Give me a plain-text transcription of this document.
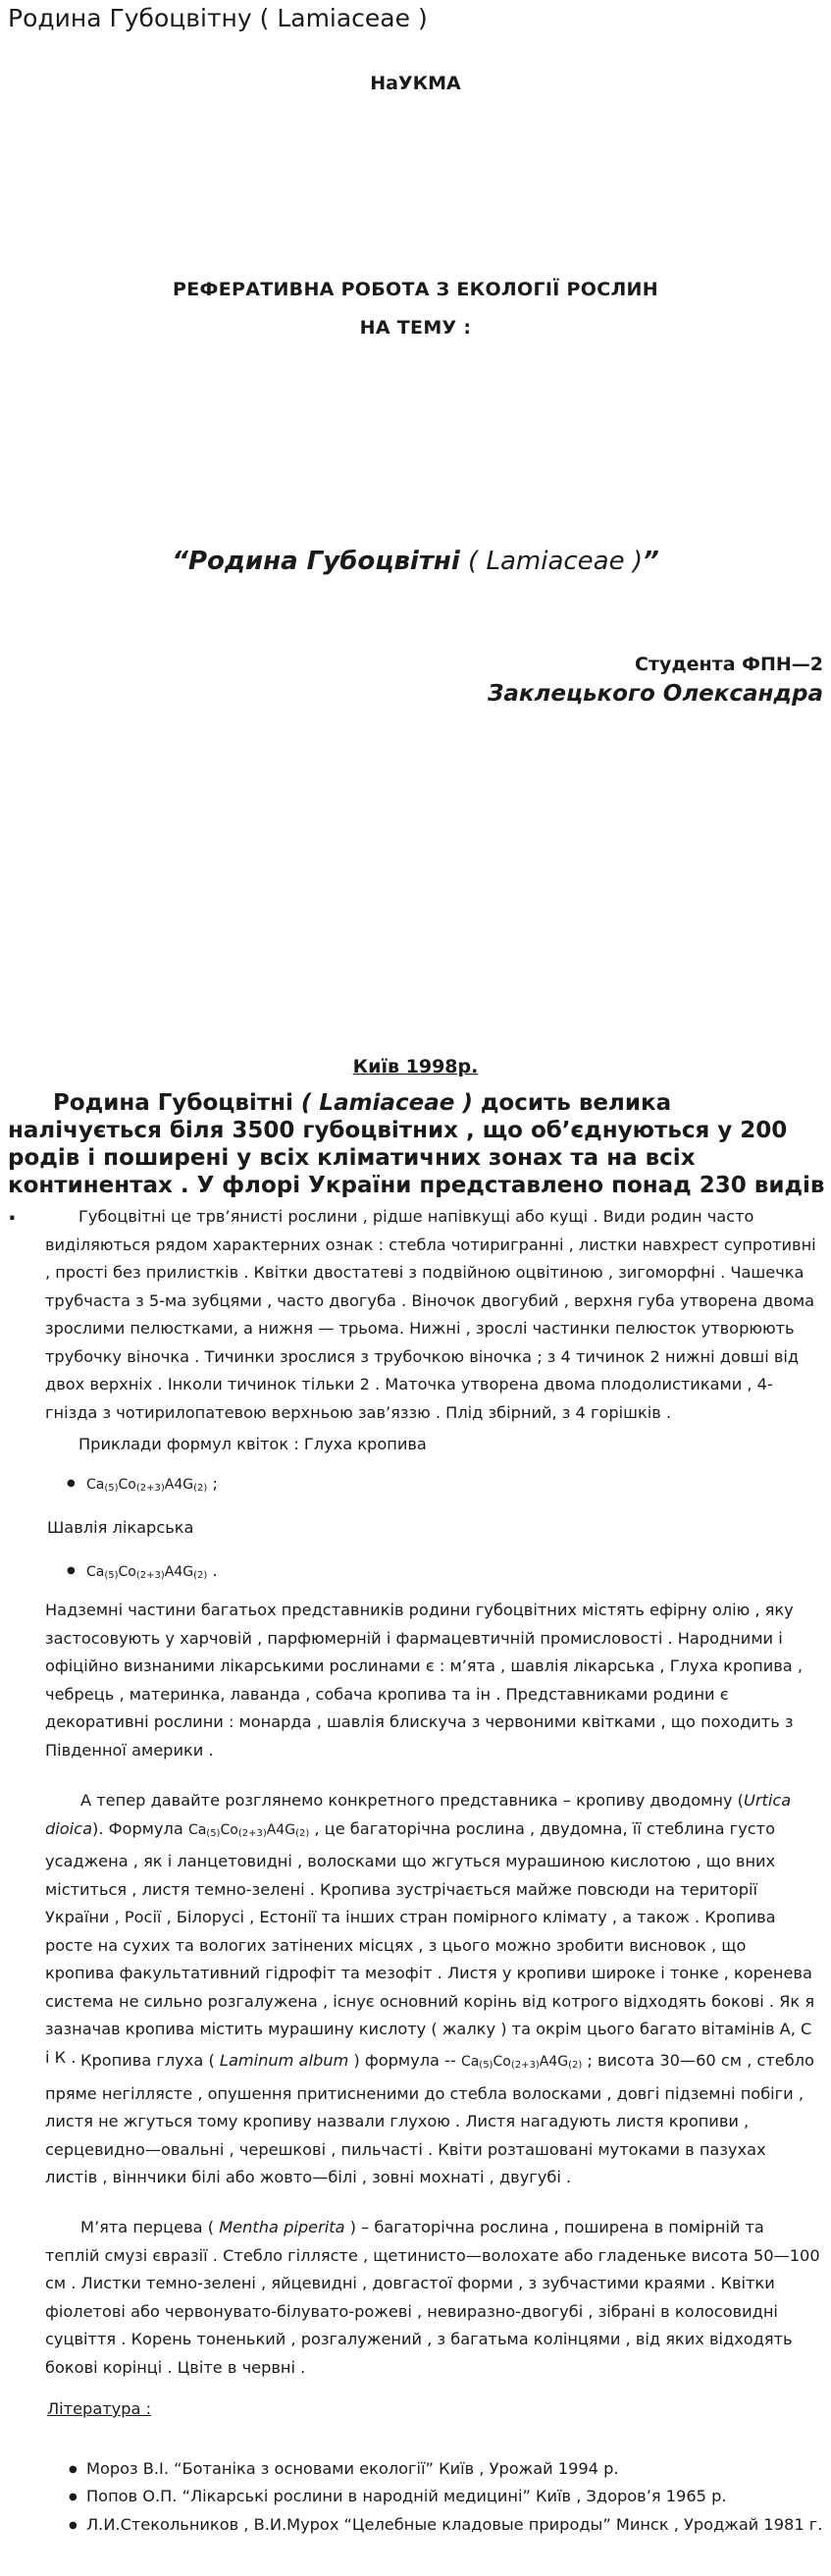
Родина Губоцвітну ( Lamiaceae )
НаУКМА
РЕФЕРАТИВНА РОБОТА З ЕКОЛОГІЇ РОСЛИН
НА ТЕМУ :
“Родина Губоцвітні ( Lamiaceae )”
Студента ФПН—2
Заклецького Олександра
Київ 1998р.

Родина Губоцвітні ( Lamiaceae ) досить велика налічується біля 3500 губоцвітних , що об’єднуються у 200 родів і поширені у всіх кліматичних зонах та на всіх континентах . У флорі України представлено понад 230 видів .	Губоцвітні це трв’янисті рослини , рідше напівкущі або кущі . Види родин часто виділяються рядом характерних ознак : стебла чотиригранні , листки навхрест супротивні , прості без прилистків . Квітки двостатеві з подвійною оцвітиною , зигоморфні . Чашечка трубчаста з 5-ма зубцями , часто двогуба . Віночок двогубий , верхня губа утворена двома зрослими пелюстками, а нижня — трьома. Нижні , зрослі частинки пелюсток утворюють трубочку віночка . Тичинки зрослися з трубочкою віночка ; з 4 тичинок 2 нижні довші від двох верхніх . Інколи тичинок тільки 2 . Маточка утворена двома плодолистиками , 4-гнізда з чотирилопатевою верхньою зав’яззю . Плід збірний, з 4 горішків .

Приклади формул квіток : Глуха кропива

● $Ca_{(5)}Co_{(2+3)}A4G_{(2)}$ ;

Шавлія лікарська

● $Ca_{(5)}Co_{(2+3)}A4G_{(2)}$ .

Надземні частини багатьох представників родини губоцвітних містять ефірну олію , яку застосовують у харчовій , парфюмерній і фармацевтичній промисловості . Народними і офіційно визнаними лікарськими рослинами є : м’ята , шавлія лікарська , Глуха кропива , чебрець , материнка, лаванда , собача кропива та ін . Представниками родини є декоративні рослини : монарда , шавлія блискуча з червоними квітками , що походить з Південної америки .

А тепер давайте розглянемо конкретного представника – кропиву дводомну (Urtica dioica). Формула $Ca_{(5)}Co_{(2+3)}A4G_{(2)}$ , це багаторічна рослина , двудомна, її стеблина густо усаджена , як і ланцетовидні , волосками що жгуться мурашиною кислотою , що вних міститься , листя темно-зелені . Кропива зустрічається майже повсюди на території України , Росії , Білорусі , Естонії та інших стран помірного клімату , а також . Кропива росте на сухих та вологих затінених місцях , з цього можно зробити висновок , що кропива факультативний гідрофіт та мезофіт . Листя у кропиви широке і тонке , коренева система не сильно розгалужена , існує основний корінь від котрого відходять бокові . Як я зазначав кропива містить мурашину кислоту ( жалку ) та окрім цього багато вітамінів А, С і К . Кропива глуха ( Laminum album ) формула -- $Ca_{(5)}Co_{(2+3)}A4G_{(2)}$ ; висота 30—60 см , стебло пряме негіллясте , опушення притисненими до стебла волосками , довгі підземні побіги , листя не жгуться тому кропиву назвали глухою . Листя нагадують листя кропиви , серцевидно—овальні , черешкові , пильчасті . Квіти розташовані мутоками в пазухах листів , віннчики білі або жовто—білі , зовні мохнаті , двугубі .

М’ята перцева ( Mentha piperita ) – багаторічна рослина , поширена в помірній та теплій смузі євразії . Стебло гіллясте , щетинисто—волохате або гладеньке висота 50—100 см . Листки темно-зелені , яйцевидні , довгастої форми , з зубчастими краями . Квітки фіолетові або червонувато-білувато-рожеві , невиразно-двогубі , зібрані в колосовидні суцвіття . Корень тоненький , розгалужений , з багатьма колінцями , від яких відходять бокові корінці . Цвіте в червні .

Література :
● Мороз В.І. “Ботаніка з основами екології” Київ , Урожай 1994 р.
● Попов О.П. “Лікарські рослини в народній медицині” Київ , Здоров’я 1965 р.
● Л.И.Стекольников , В.И.Мурох “Целебные кладовые природы” Минск , Уроджай 1981 г.
